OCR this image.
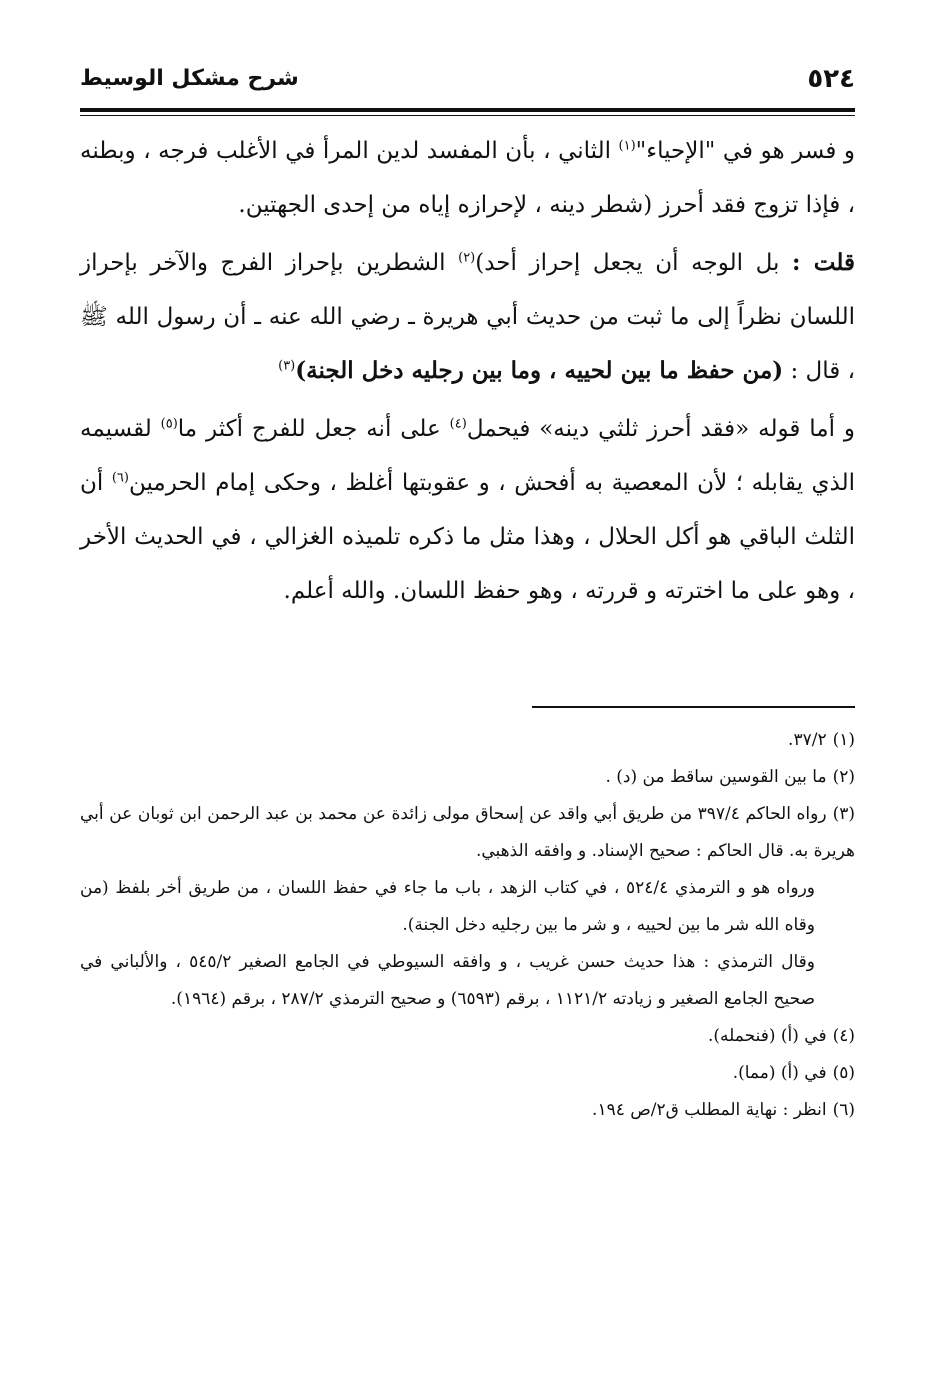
٥٢٤
شرح مشكل الوسيط

و فسر هو في "الإحياء"$^{(١)}$ الثاني ، بأن المفسد لدين المرأ في الأغلب فرجه ، وبطنه ، فإذا تزوج فقد أحرز (شطر دينه ، لإحرازه إياه من إحدى الجهتين.

قلت : بل الوجه أن يجعل إحراز أحد)$^{(٢)}$ الشطرين بإحراز الفرج والآخر بإحراز اللسان نظراً إلى ما ثبت من حديث أبي هريرة ـ رضي الله عنه ـ أن رسول الله ﷺ ، قال : (من حفظ ما بين لحييه ، وما بين رجليه دخل الجنة)$^{(٣)}$

و أما قوله «فقد أحرز ثلثي دينه» فيحمل$^{(٤)}$ على أنه جعل للفرج أكثر ما$^{(٥)}$ لقسيمه الذي يقابله ؛ لأن المعصية به أفحش ، و عقوبتها أغلظ ، وحكى إمام الحرمين$^{(٦)}$ أن الثلث الباقي هو أكل الحلال ، وهذا مثل ما ذكره تلميذه الغزالي ، في الحديث الأخر ، وهو على ما اخترته و قررته ، وهو حفظ اللسان. والله أعلم.

(١)٣٧/٢.

(٢)ما بين القوسين ساقط من (د) .

(٣)رواه الحاكم ٣٩٧/٤ من طريق أبي واقد عن إسحاق مولى زائدة عن محمد بن عبد الرحمن ابن ثوبان عن أبي هريرة به. قال الحاكم : صحيح الإسناد. و وافقه الذهبي.

ورواه هو و الترمذي ٥٢٤/٤ ، في كتاب الزهد ، باب ما جاء في حفظ اللسان ، من طريق أخر بلفظ (من وقاه الله شر ما بين لحييه ، و شر ما بين رجليه دخل الجنة).

وقال الترمذي : هذا حديث حسن غريب ، و وافقه السيوطي في الجامع الصغير ٥٤٥/٢ ، والألباني في صحيح الجامع الصغير و زيادته ١١٢١/٢ ، برقم (٦٥٩٣) و صحيح الترمذي ٢٨٧/٢ ، برقم (١٩٦٤).

(٤)في (أ) (فنحمله).

(٥)في (أ) (مما).

(٦)انظر : نهاية المطلب ق٢/ص ١٩٤.
